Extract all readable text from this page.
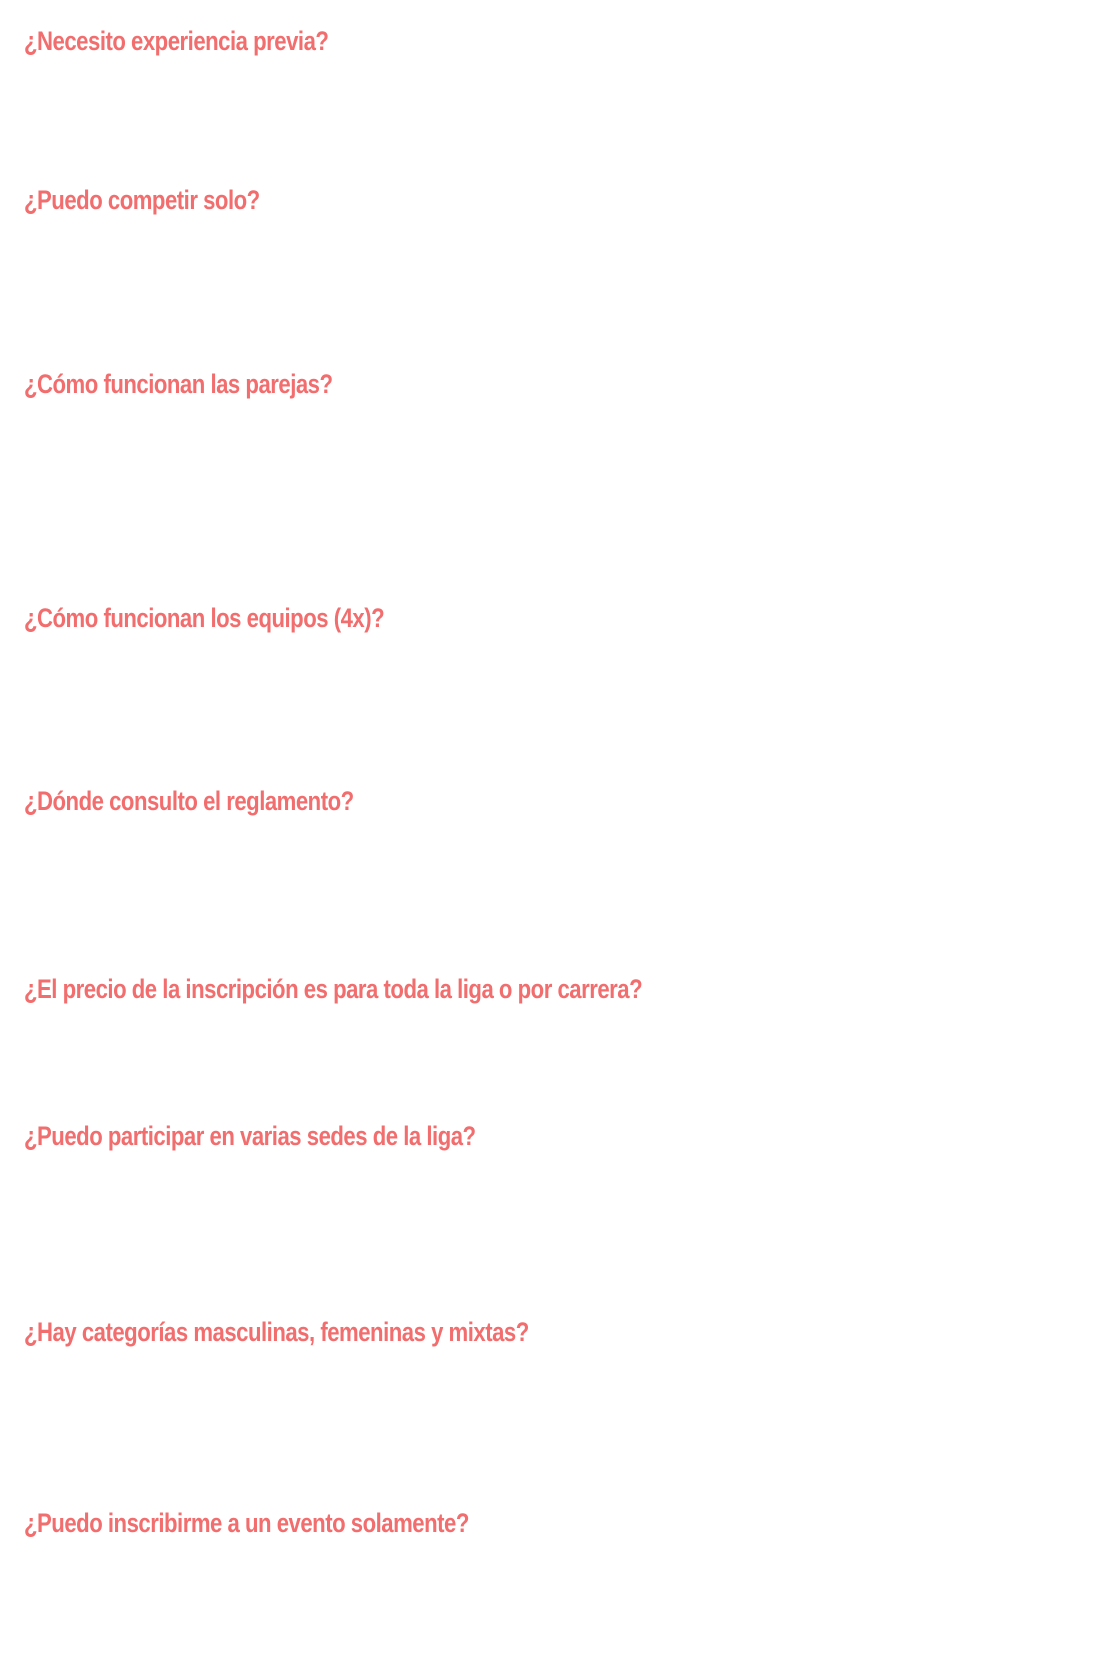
¿Necesito experiencia previa?
¿Puedo competir solo?
¿Cómo funcionan las parejas?
¿Cómo funcionan los equipos (4x)?
¿Dónde consulto el reglamento?
¿El precio de la inscripción es para toda la liga o por carrera?
¿Puedo participar en varias sedes de la liga?
¿Hay categorías masculinas, femeninas y mixtas?
¿Puedo inscribirme a un evento solamente?
